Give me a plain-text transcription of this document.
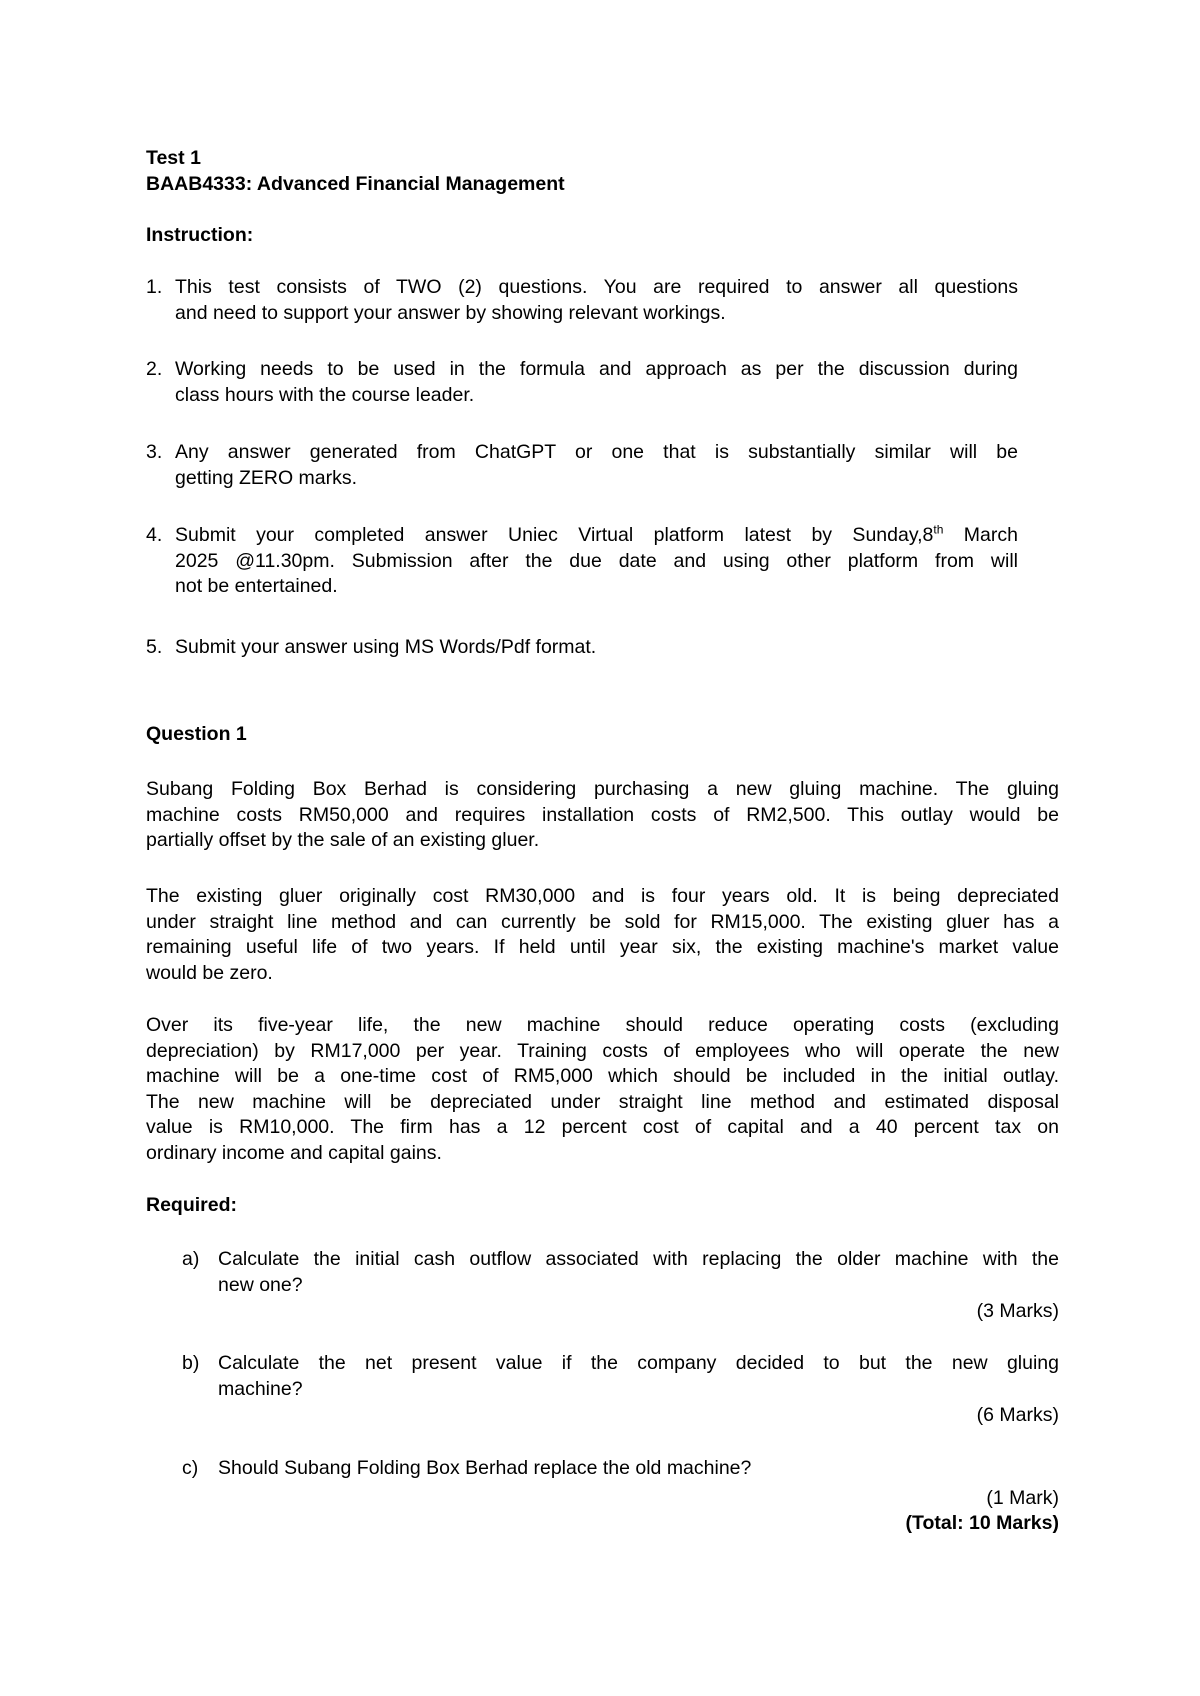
Test 1
BAAB4333: Advanced Financial Management
Instruction:
1. This test consists of TWO (2) questions. You are required to answer all questions
and need to support your answer by showing relevant workings.
2. Working needs to be used in the formula and approach as per the discussion during
class hours with the course leader.
3. Any answer generated from ChatGPT or one that is substantially similar will be
getting ZERO marks.
4. Submit your completed answer Uniec Virtual platform latest by Sunday,8th March
2025 @11.30pm. Submission after the due date and using other platform from will
not be entertained.
5. Submit your answer using MS Words/Pdf format.
Question 1
Subang Folding Box Berhad is considering purchasing a new gluing machine. The gluing
machine costs RM50,000 and requires installation costs of RM2,500. This outlay would be
partially offset by the sale of an existing gluer.
The existing gluer originally cost RM30,000 and is four years old. It is being depreciated
under straight line method and can currently be sold for RM15,000. The existing gluer has a
remaining useful life of two years. If held until year six, the existing machine's market value
would be zero.
Over its five-year life, the new machine should reduce operating costs (excluding
depreciation) by RM17,000 per year. Training costs of employees who will operate the new
machine will be a one-time cost of RM5,000 which should be included in the initial outlay.
The new machine will be depreciated under straight line method and estimated disposal
value is RM10,000. The firm has a 12 percent cost of capital and a 40 percent tax on
ordinary income and capital gains.
Required:
a) Calculate the initial cash outflow associated with replacing the older machine with the
new one?
(3 Marks)
b) Calculate the net present value if the company decided to but the new gluing
machine?
(6 Marks)
c) Should Subang Folding Box Berhad replace the old machine?
(1 Mark)
(Total: 10 Marks)
